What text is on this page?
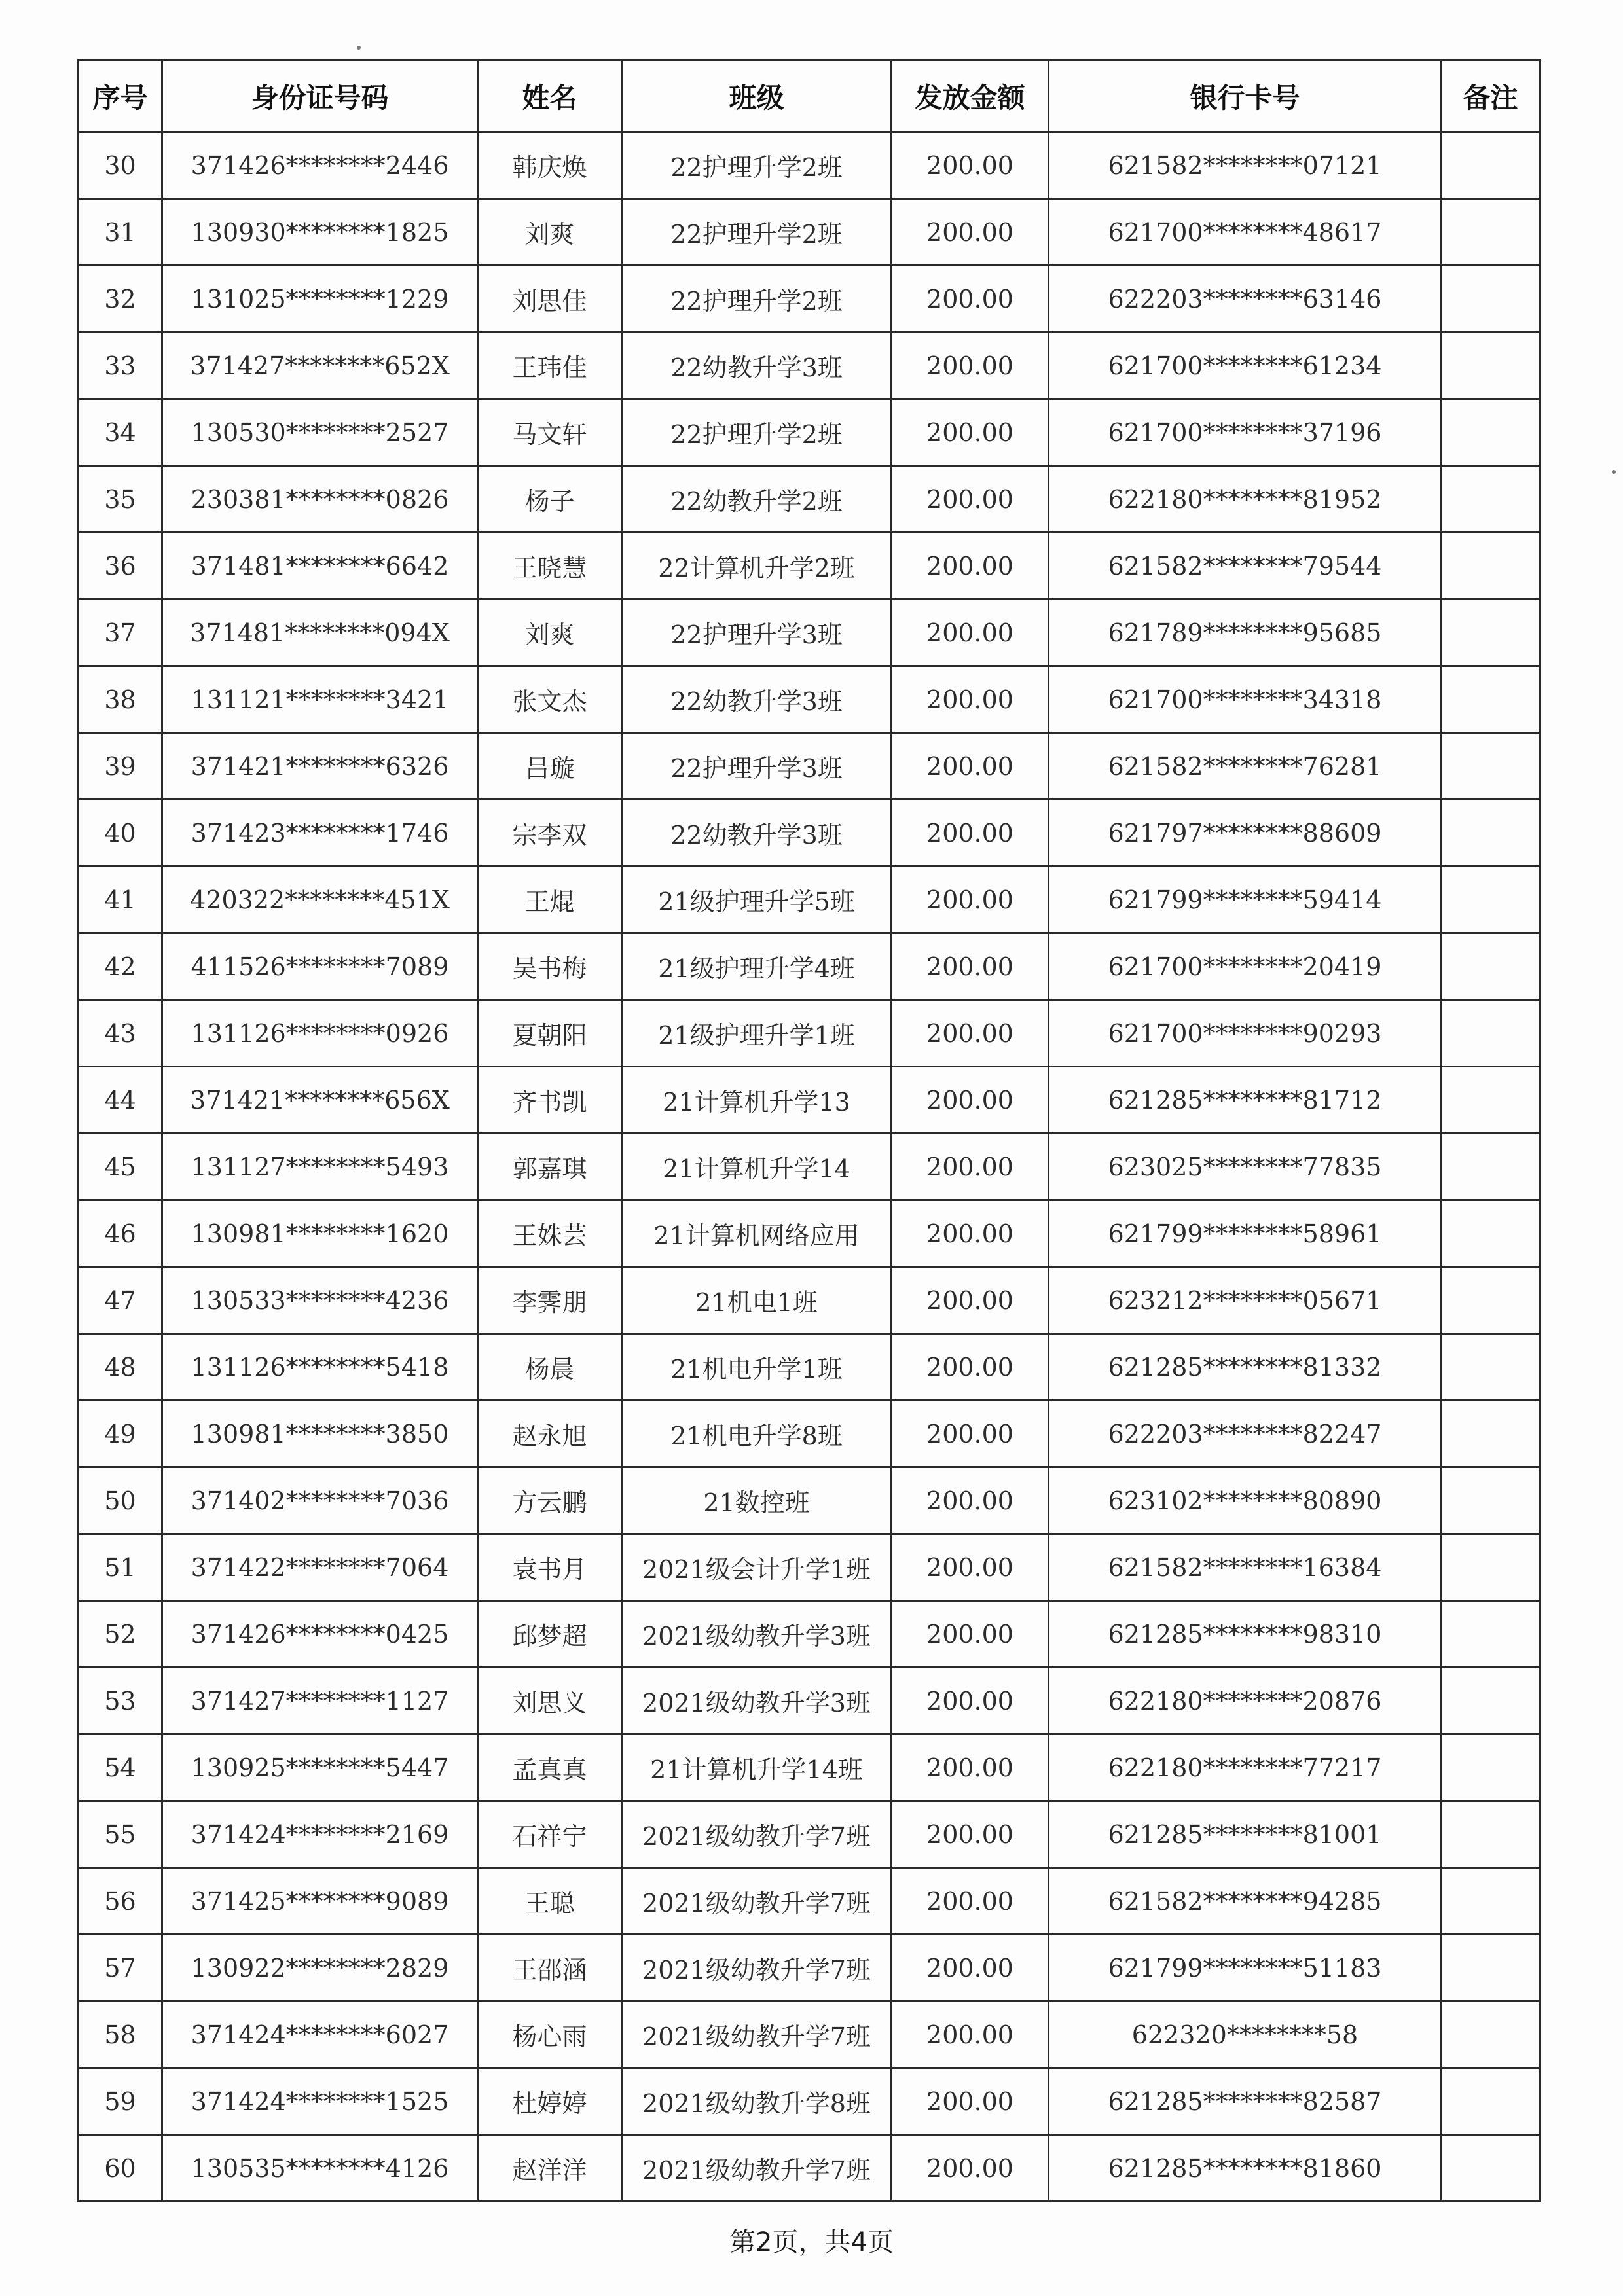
序号	身份证号码	姓名	班级	发放金额	银行卡号	备注
30	371426********2446	韩庆焕	22护理升学2班	200.00	621582********07121	
31	130930********1825	刘爽	22护理升学2班	200.00	621700********48617	
32	131025********1229	刘思佳	22护理升学2班	200.00	622203********63146	
33	371427********652X	王玮佳	22幼教升学3班	200.00	621700********61234	
34	130530********2527	马文轩	22护理升学2班	200.00	621700********37196	
35	230381********0826	杨子	22幼教升学2班	200.00	622180********81952	
36	371481********6642	王晓慧	22计算机升学2班	200.00	621582********79544	
37	371481********094X	刘爽	22护理升学3班	200.00	621789********95685	
38	131121********3421	张文杰	22幼教升学3班	200.00	621700********34318	
39	371421********6326	吕璇	22护理升学3班	200.00	621582********76281	
40	371423********1746	宗李双	22幼教升学3班	200.00	621797********88609	
41	420322********451X	王焜	21级护理升学5班	200.00	621799********59414	
42	411526********7089	吴书梅	21级护理升学4班	200.00	621700********20419	
43	131126********0926	夏朝阳	21级护理升学1班	200.00	621700********90293	
44	371421********656X	齐书凯	21计算机升学13	200.00	621285********81712	
45	131127********5493	郭嘉琪	21计算机升学14	200.00	623025********77835	
46	130981********1620	王姝芸	21计算机网络应用	200.00	621799********58961	
47	130533********4236	李霁朋	21机电1班	200.00	623212********05671	
48	131126********5418	杨晨	21机电升学1班	200.00	621285********81332	
49	130981********3850	赵永旭	21机电升学8班	200.00	622203********82247	
50	371402********7036	方云鹏	21数控班	200.00	623102********80890	
51	371422********7064	袁书月	2021级会计升学1班	200.00	621582********16384	
52	371426********0425	邱梦超	2021级幼教升学3班	200.00	621285********98310	
53	371427********1127	刘思义	2021级幼教升学3班	200.00	622180********20876	
54	130925********5447	孟真真	21计算机升学14班	200.00	622180********77217	
55	371424********2169	石祥宁	2021级幼教升学7班	200.00	621285********81001	
56	371425********9089	王聪	2021级幼教升学7班	200.00	621582********94285	
57	130922********2829	王邵涵	2021级幼教升学7班	200.00	621799********51183	
58	371424********6027	杨心雨	2021级幼教升学7班	200.00	622320********58	
59	371424********1525	杜婷婷	2021级幼教升学8班	200.00	621285********82587	
60	130535********4126	赵洋洋	2021级幼教升学7班	200.00	621285********81860	
第2页，共4页
